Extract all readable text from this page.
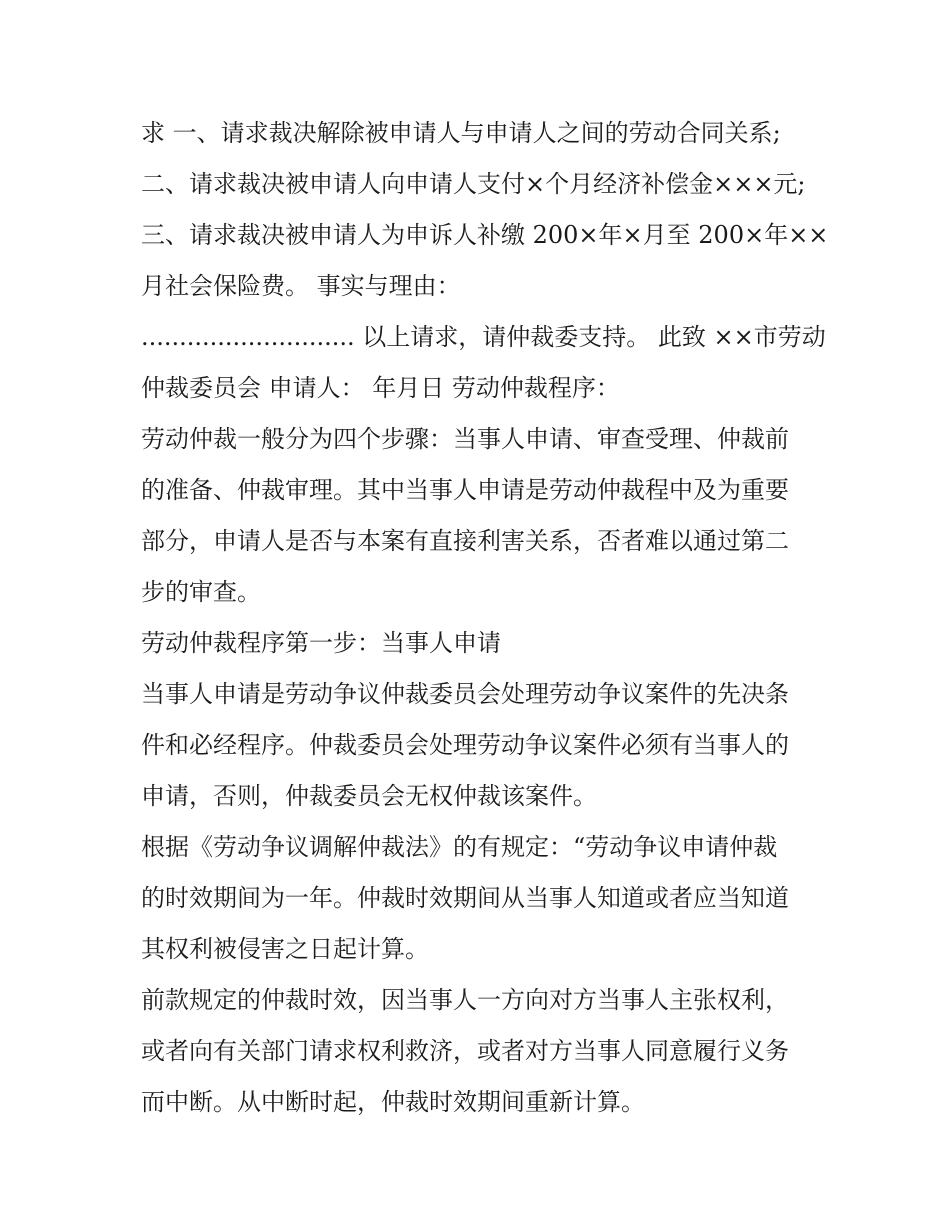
求 一、请求裁决解除被申请人与申请人之间的劳动合同关系;
二、请求裁决被申请人向申请人支付×个月经济补偿金×××元;
三、请求裁决被申请人为申诉人补缴 200×年×月至 200×年××
月社会保险费。 事实与理由：
............................ 以上请求，请仲裁委支持。 此致 ××市劳动
仲裁委员会 申请人： 年月日 劳动仲裁程序：
劳动仲裁一般分为四个步骤：当事人申请、审查受理、仲裁前
的准备、仲裁审理。其中当事人申请是劳动仲裁程中及为重要
部分，申请人是否与本案有直接利害关系，否者难以通过第二
步的审查。
劳动仲裁程序第一步：当事人申请
当事人申请是劳动争议仲裁委员会处理劳动争议案件的先决条
件和必经程序。仲裁委员会处理劳动争议案件必须有当事人的
申请，否则，仲裁委员会无权仲裁该案件。
根据《劳动争议调解仲裁法》的有规定：“劳动争议申请仲裁
的时效期间为一年。仲裁时效期间从当事人知道或者应当知道
其权利被侵害之日起计算。
前款规定的仲裁时效，因当事人一方向对方当事人主张权利，
或者向有关部门请求权利救济，或者对方当事人同意履行义务
而中断。从中断时起，仲裁时效期间重新计算。
